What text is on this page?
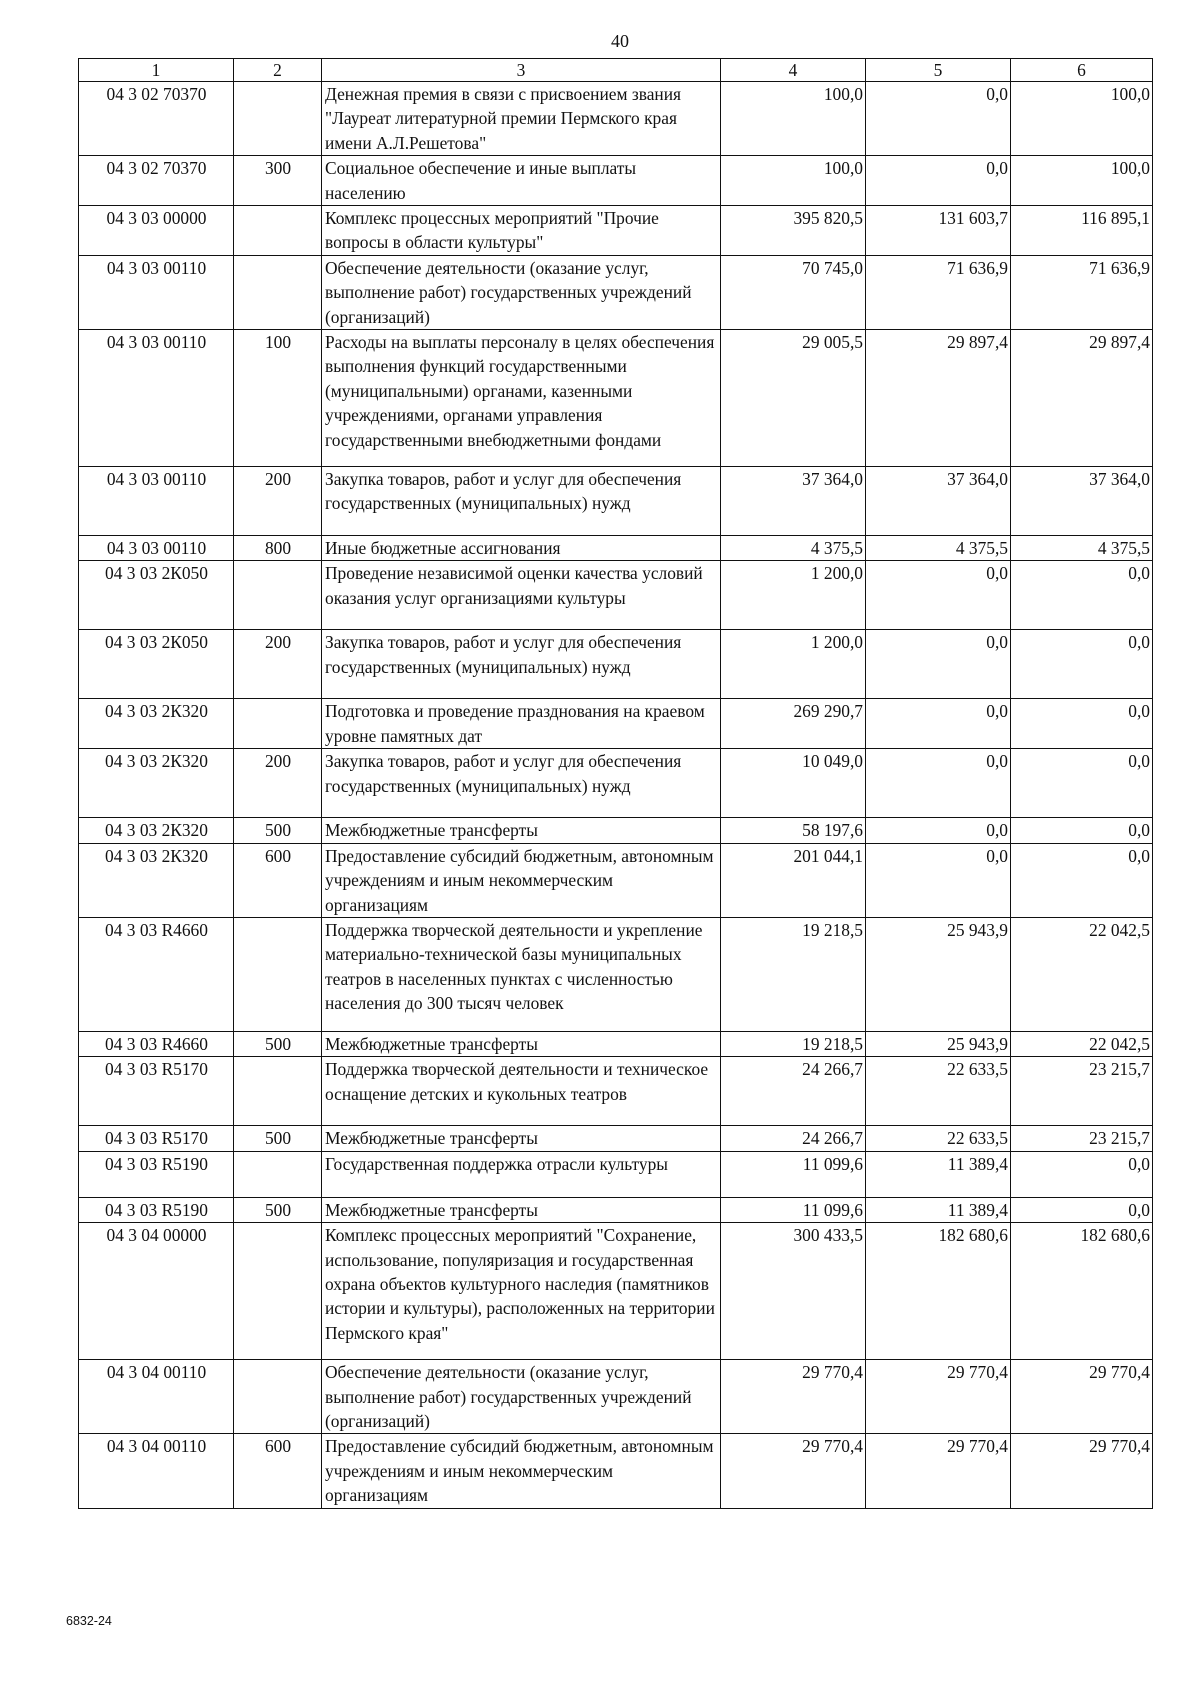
40
1	2	3	4	5	6
04 3 02 70370		Денежная премия в связи с присвоением звания "Лауреат литературной премии Пермского края имени А.Л.Решетова"	100,0	0,0	100,0
04 3 02 70370	300	Социальное обеспечение и иные выплаты населению	100,0	0,0	100,0
04 3 03 00000		Комплекс процессных мероприятий "Прочие вопросы в области культуры"	395 820,5	131 603,7	116 895,1
04 3 03 00110		Обеспечение деятельности (оказание услуг, выполнение работ) государственных учреждений (организаций)	70 745,0	71 636,9	71 636,9
04 3 03 00110	100	Расходы на выплаты персоналу в целях обеспечения выполнения функций государственными (муниципальными) органами, казенными учреждениями, органами управления государственными внебюджетными фондами	29 005,5	29 897,4	29 897,4
04 3 03 00110	200	Закупка товаров, работ и услуг для обеспечения государственных (муниципальных) нужд	37 364,0	37 364,0	37 364,0
04 3 03 00110	800	Иные бюджетные ассигнования	4 375,5	4 375,5	4 375,5
04 3 03 2К050		Проведение независимой оценки качества условий оказания услуг организациями культуры	1 200,0	0,0	0,0
04 3 03 2К050	200	Закупка товаров, работ и услуг для обеспечения государственных (муниципальных) нужд	1 200,0	0,0	0,0
04 3 03 2К320		Подготовка и проведение празднования на краевом уровне памятных дат	269 290,7	0,0	0,0
04 3 03 2К320	200	Закупка товаров, работ и услуг для обеспечения государственных (муниципальных) нужд	10 049,0	0,0	0,0
04 3 03 2К320	500	Межбюджетные трансферты	58 197,6	0,0	0,0
04 3 03 2К320	600	Предоставление субсидий бюджетным, автономным учреждениям и иным некоммерческим организациям	201 044,1	0,0	0,0
04 3 03 R4660		Поддержка творческой деятельности и укрепление материально-технической базы муниципальных театров в населенных пунктах с численностью населения до 300 тысяч человек	19 218,5	25 943,9	22 042,5
04 3 03 R4660	500	Межбюджетные трансферты	19 218,5	25 943,9	22 042,5
04 3 03 R5170		Поддержка творческой деятельности и техническое оснащение детских и кукольных театров	24 266,7	22 633,5	23 215,7
04 3 03 R5170	500	Межбюджетные трансферты	24 266,7	22 633,5	23 215,7
04 3 03 R5190		Государственная поддержка отрасли культуры	11 099,6	11 389,4	0,0
04 3 03 R5190	500	Межбюджетные трансферты	11 099,6	11 389,4	0,0
04 3 04 00000		Комплекс процессных мероприятий "Сохранение, использование, популяризация и государственная охрана объектов культурного наследия (памятников истории и культуры), расположенных на территории Пермского края"	300 433,5	182 680,6	182 680,6
04 3 04 00110		Обеспечение деятельности (оказание услуг, выполнение работ) государственных учреждений (организаций)	29 770,4	29 770,4	29 770,4
04 3 04 00110	600	Предоставление субсидий бюджетным, автономным учреждениям и иным некоммерческим организациям	29 770,4	29 770,4	29 770,4
6832-24
